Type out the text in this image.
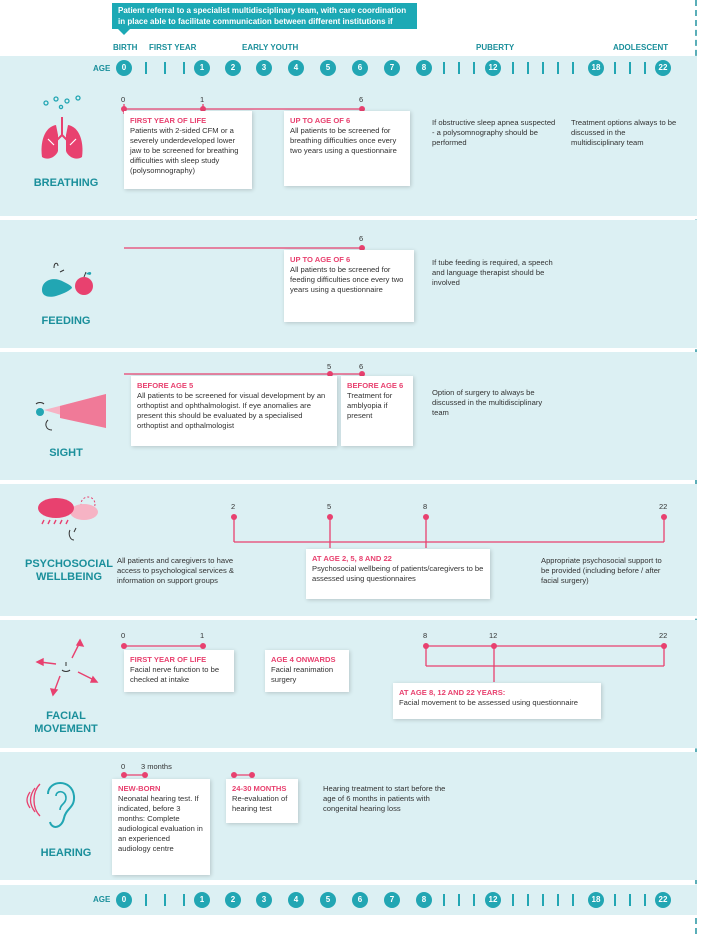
Patient referral to a specialist multidisciplinary team, with care coordination in place able to facilitate communication between different institutions if needed
BIRTH FIRST YEAR	EARLY YOUTH	PUBERTY	ADOLESCENT
AGE	0	1	2	3	4	5	6	7	8	12	18	22
BREATHING
0	1	6
FIRST YEAR OF LIFE
Patients with 2-sided CFM or a severely underdeveloped lower jaw to be screened for breathing difficulties with sleep study (polysomnography)
UP TO AGE OF 6
All patients to be screened for breathing difficulties once every two years using a questionnaire
If obstructive sleep apnea suspected - a polysomnography should be performed
Treatment options always to be discussed in the multidisciplinary team
FEEDING
6
UP TO AGE OF 6
All patients to be screened for feeding difficulties once every two years using a questionnaire
If tube feeding is required, a speech and language therapist should be involved
SIGHT
5	6
BEFORE AGE 5
All patients to be screened for visual development by an orthoptist and ophthalmologist. If eye anomalies are present this should be evaluated by a specialised orthoptist and opthalmologist
BEFORE AGE 6
Treatment for amblyopia if present
Option of surgery to always be discussed in the multidisciplinary team
PSYCHOSOCIAL
WELLBEING
2	5	8	22
All patients and caregivers to have access to psychological services & information on support groups
AT AGE 2, 5, 8 AND 22
Psychosocial wellbeing of patients/caregivers to be assessed using questionnaires
Appropriate psychosocial support to be provided (including before / after facial surgery)
FACIAL
MOVEMENT
0	1	8	12	22
FIRST YEAR OF LIFE
Facial nerve function to be checked at intake
AGE 4 ONWARDS
Facial reanimation surgery
AT AGE 8, 12 AND 22 YEARS:
Facial movement to be assessed using questionnaire
HEARING
0 3 months
NEW-BORN
Neonatal hearing test. If indicated, before 3 months: Complete audiological evaluation in an experienced audiology centre
24-30 MONTHS
Re-evaluation of hearing test
Hearing treatment to start before the age of 6 months in patients with congenital hearing loss
AGE	0	1	2	3	4	5	6	7	8	12	18	22
